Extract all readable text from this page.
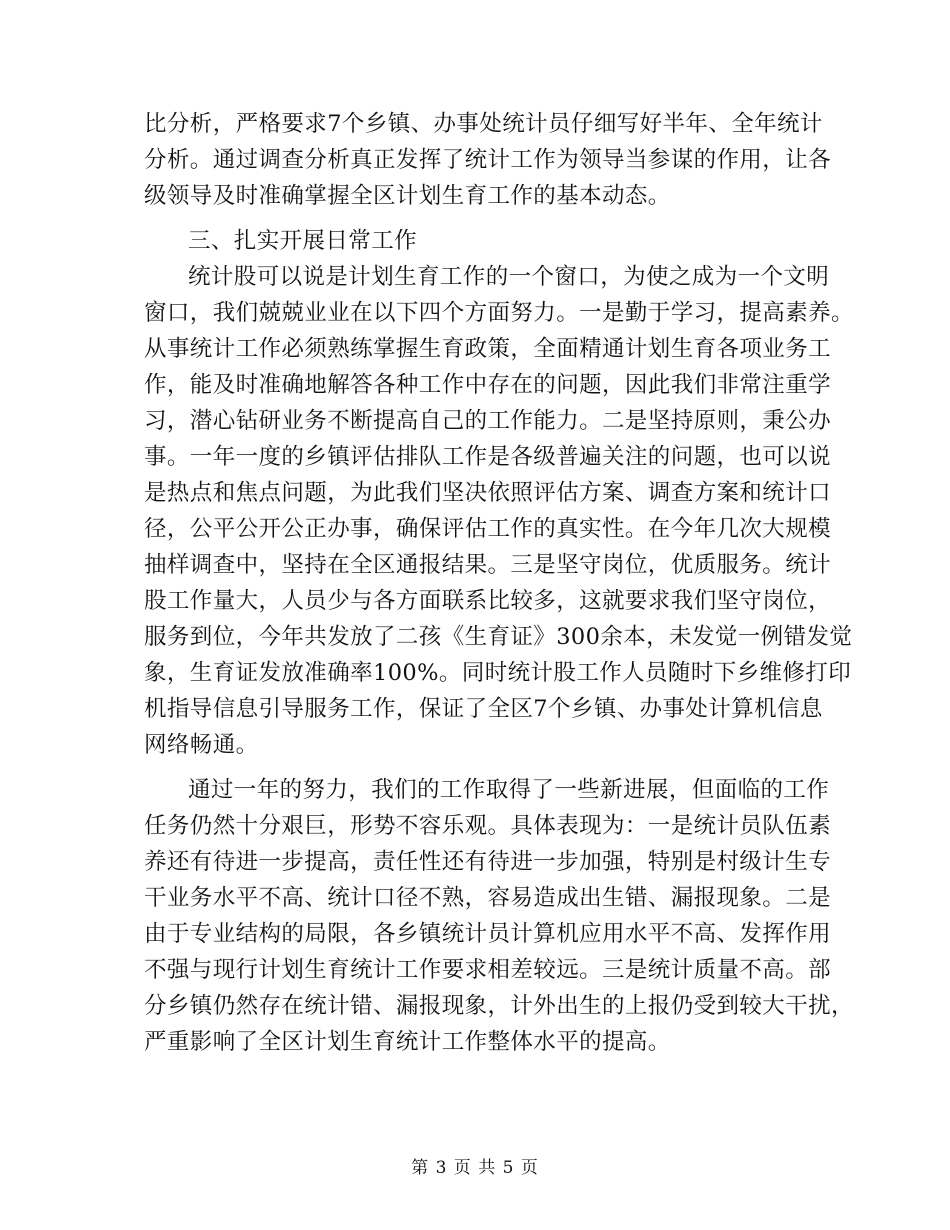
比分析，严格要求7个乡镇、办事处统计员仔细写好半年、全年统计
分析。通过调查分析真正发挥了统计工作为领导当参谋的作用，让各
级领导及时准确掌握全区计划生育工作的基本动态。
三、扎实开展日常工作
统计股可以说是计划生育工作的一个窗口，为使之成为一个文明
窗口，我们兢兢业业在以下四个方面努力。一是勤于学习，提高素养。
从事统计工作必须熟练掌握生育政策，全面精通计划生育各项业务工
作，能及时准确地解答各种工作中存在的问题，因此我们非常注重学
习，潜心钻研业务不断提高自己的工作能力。二是坚持原则，秉公办
事。一年一度的乡镇评估排队工作是各级普遍关注的问题，也可以说
是热点和焦点问题，为此我们坚决依照评估方案、调查方案和统计口
径，公平公开公正办事，确保评估工作的真实性。在今年几次大规模
抽样调查中，坚持在全区通报结果。三是坚守岗位，优质服务。统计
股工作量大，人员少与各方面联系比较多，这就要求我们坚守岗位，
服务到位，今年共发放了二孩《生育证》300余本，未发觉一例错发觉
象，生育证发放准确率100%。同时统计股工作人员随时下乡维修打印
机指导信息引导服务工作，保证了全区7个乡镇、办事处计算机信息
网络畅通。
通过一年的努力，我们的工作取得了一些新进展，但面临的工作
任务仍然十分艰巨，形势不容乐观。具体表现为：一是统计员队伍素
养还有待进一步提高，责任性还有待进一步加强，特别是村级计生专
干业务水平不高、统计口径不熟，容易造成出生错、漏报现象。二是
由于专业结构的局限，各乡镇统计员计算机应用水平不高、发挥作用
不强与现行计划生育统计工作要求相差较远。三是统计质量不高。部
分乡镇仍然存在统计错、漏报现象，计外出生的上报仍受到较大干扰，
严重影响了全区计划生育统计工作整体水平的提高。
第 3 页 共 5 页
